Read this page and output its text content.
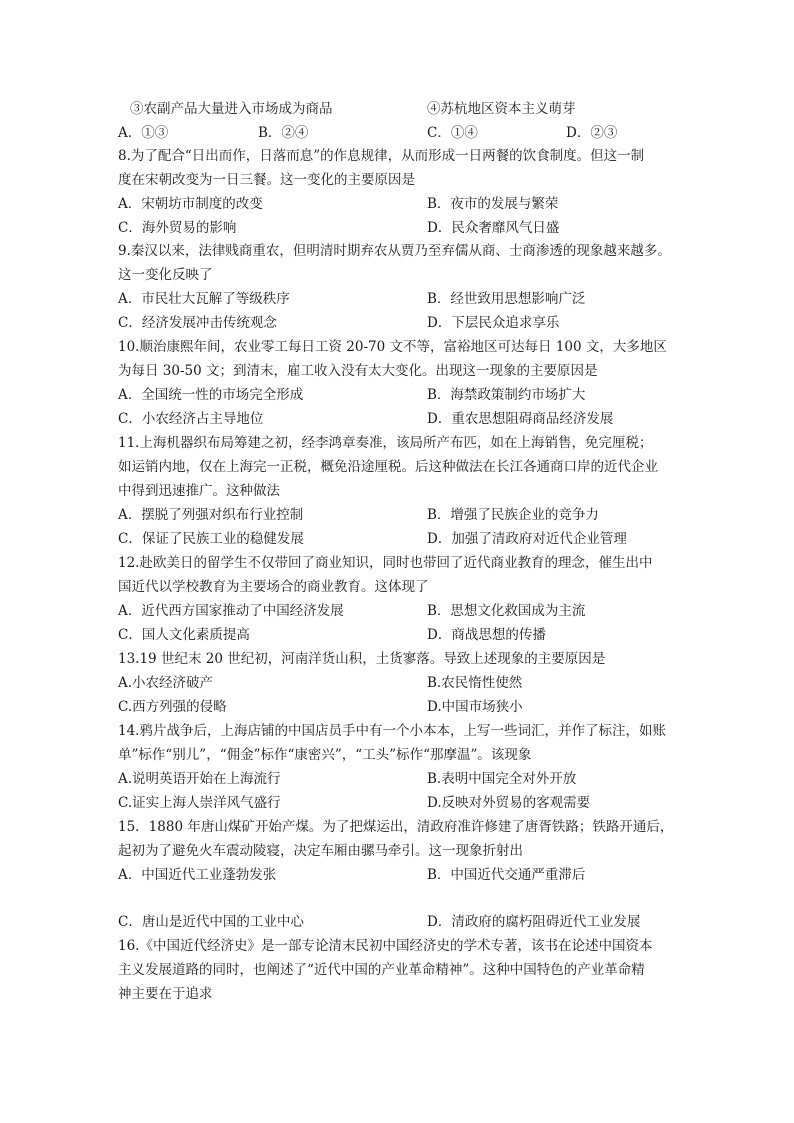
③农副产品大量进入市场成为商品	④苏杭地区资本主义萌芽
A．①③	B．②④	C．①④	D．②③
8.为了配合“日出而作，日落而息”的作息规律，从而形成一日两餐的饮食制度。但这一制
度在宋朝改变为一日三餐。这一变化的主要原因是
A．宋朝坊市制度的改变	B．夜市的发展与繁荣
C．海外贸易的影响	D．民众奢靡风气日盛
9.秦汉以来，法律贱商重农，但明清时期弃农从贾乃至弃儒从商、士商渗透的现象越来越多。
这一变化反映了
A．市民壮大瓦解了等级秩序	B．经世致用思想影响广泛
C．经济发展冲击传统观念	D．下层民众追求享乐
10.顺治康熙年间，农业零工每日工资 20-70 文不等，富裕地区可达每日 100 文，大多地区
为每日 30-50 文；到清末，雇工收入没有太大变化。出现这一现象的主要原因是
A．全国统一性的市场完全形成	B．海禁政策制约市场扩大
C．小农经济占主导地位	D．重农思想阻碍商品经济发展
11.上海机器织布局筹建之初，经李鸿章奏准，该局所产布匹，如在上海销售，免完厘税；
如运销内地，仅在上海完一正税，概免沿途厘税。后这种做法在长江各通商口岸的近代企业
中得到迅速推广。这种做法
A．摆脱了列强对织布行业控制	B．增强了民族企业的竞争力
C．保证了民族工业的稳健发展	D．加强了清政府对近代企业管理
12.赴欧美日的留学生不仅带回了商业知识，同时也带回了近代商业教育的理念，催生出中
国近代以学校教育为主要场合的商业教育。这体现了
A．近代西方国家推动了中国经济发展	B．思想文化救国成为主流
C．国人文化素质提高	D．商战思想的传播
13.19 世纪末 20 世纪初，河南洋货山积，土货寥落。导致上述现象的主要原因是
A.小农经济破产	B.农民惰性使然
C.西方列强的侵略	D.中国市场狭小
14.鸦片战争后，上海店铺的中国店员手中有一个小本本，上写一些词汇，并作了标注，如账
单”标作“别儿”，“佣金”标作“康密兴”，“工头”标作“那摩温”。该现象
A.说明英语开始在上海流行	B.表明中国完全对外开放
C.证实上海人崇洋风气盛行	D.反映对外贸易的客观需要
15．1880 年唐山煤矿开始产煤。为了把煤运出，清政府准许修建了唐胥铁路；铁路开通后，
起初为了避免火车震动陵寝，决定车厢由骡马牵引。这一现象折射出
A．中国近代工业蓬勃发张	B．中国近代交通严重滞后
C．唐山是近代中国的工业中心	D．清政府的腐朽阻碍近代工业发展
16.《中国近代经济史》是一部专论清末民初中国经济史的学术专著，该书在论述中国资本
主义发展道路的同时，也阐述了“近代中国的产业革命精神”。这种中国特色的产业革命精
神主要在于追求
